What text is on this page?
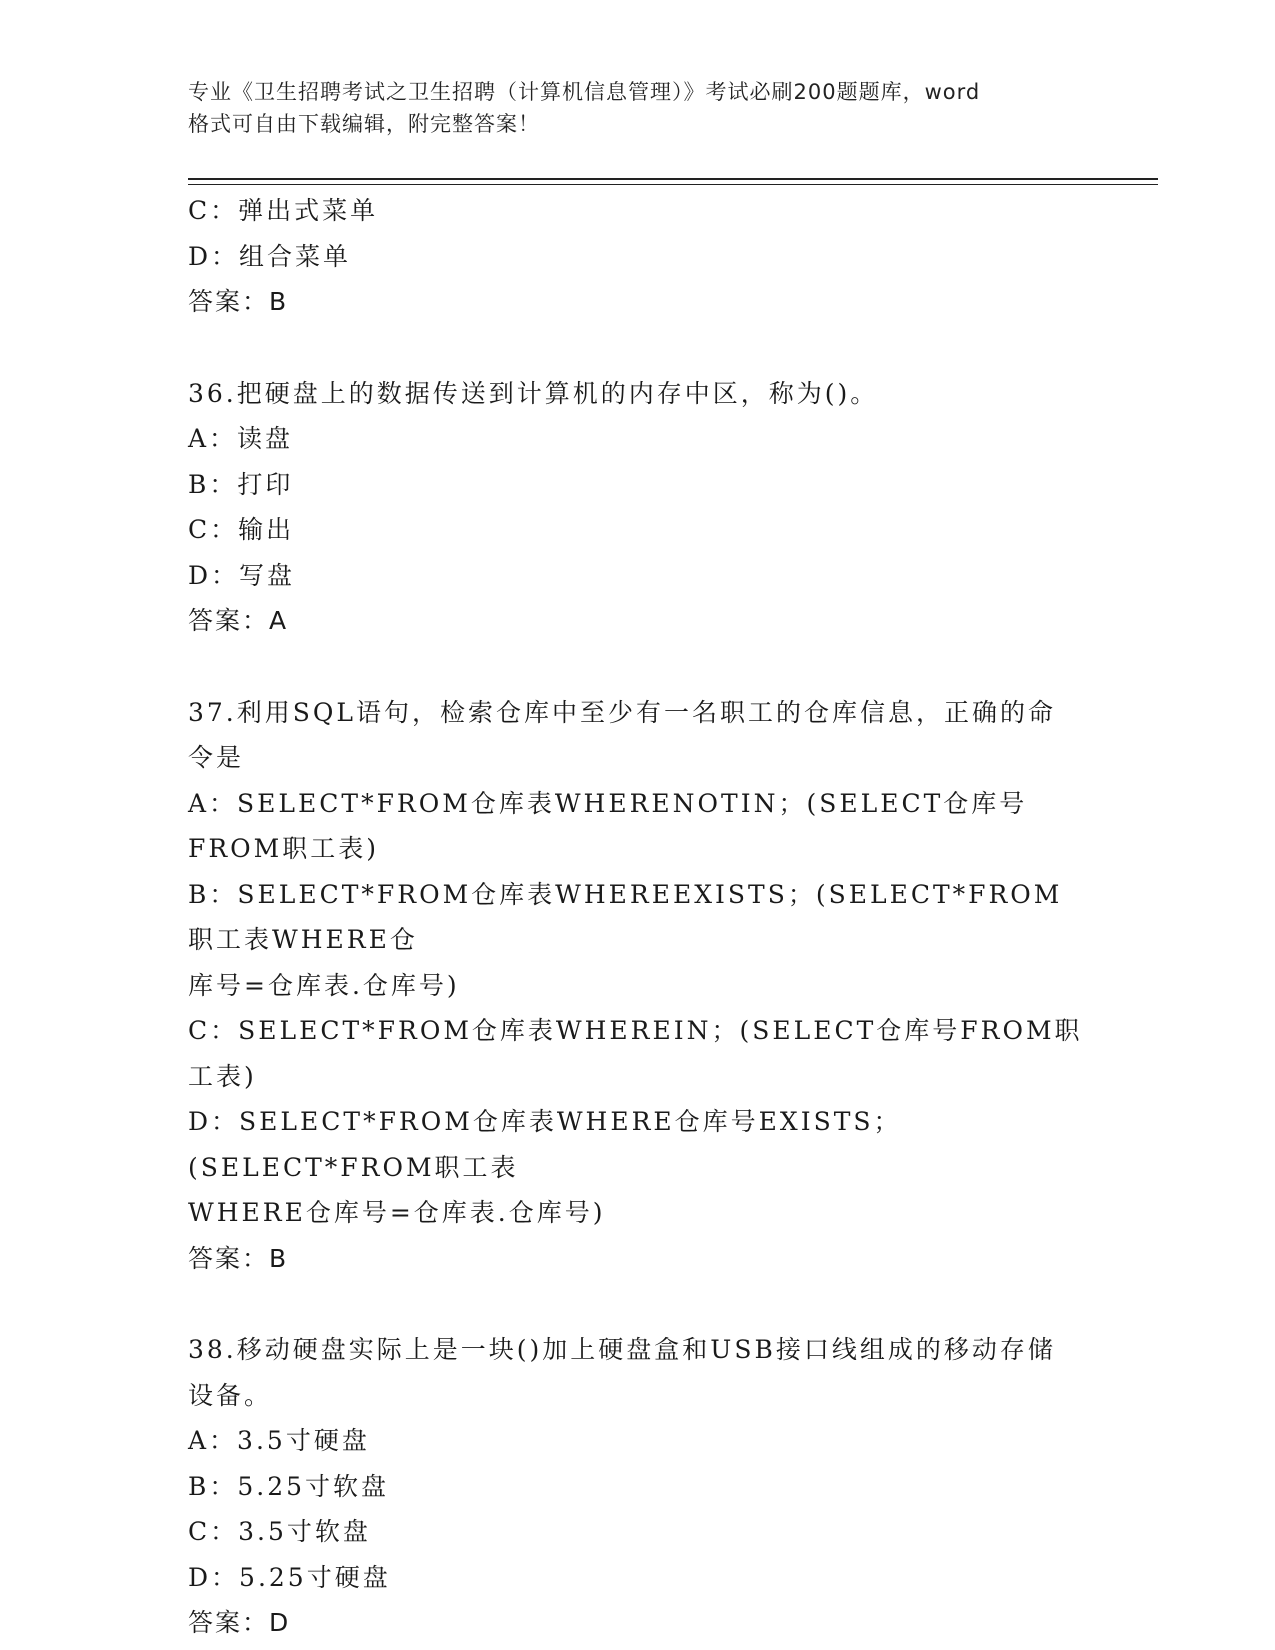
专业《卫生招聘考试之卫生招聘（计算机信息管理）》考试必刷200题题库，word
格式可自由下载编辑，附完整答案！
C：弹出式菜单
D：组合菜单
答案：B
36.把硬盘上的数据传送到计算机的内存中区，称为()。
A：读盘
B：打印
C：输出
D：写盘
答案：A
37.利用SQL语句，检索仓库中至少有一名职工的仓库信息，正确的命
令是
A：SELECT*FROM仓库表WHERENOTIN；(SELECT仓库号FROM职工表)
B：SELECT*FROM仓库表WHEREEXISTS；(SELECT*FROM职工表WHERE仓
库号=仓库表.仓库号)
C：SELECT*FROM仓库表WHEREIN；(SELECT仓库号FROM职工表)
D：SELECT*FROM仓库表WHERE仓库号EXISTS；(SELECT*FROM职工表
WHERE仓库号=仓库表.仓库号)
答案：B
38.移动硬盘实际上是一块()加上硬盘盒和USB接口线组成的移动存储
设备。
A：3.5寸硬盘
B：5.25寸软盘
C：3.5寸软盘
D：5.25寸硬盘
答案：D
